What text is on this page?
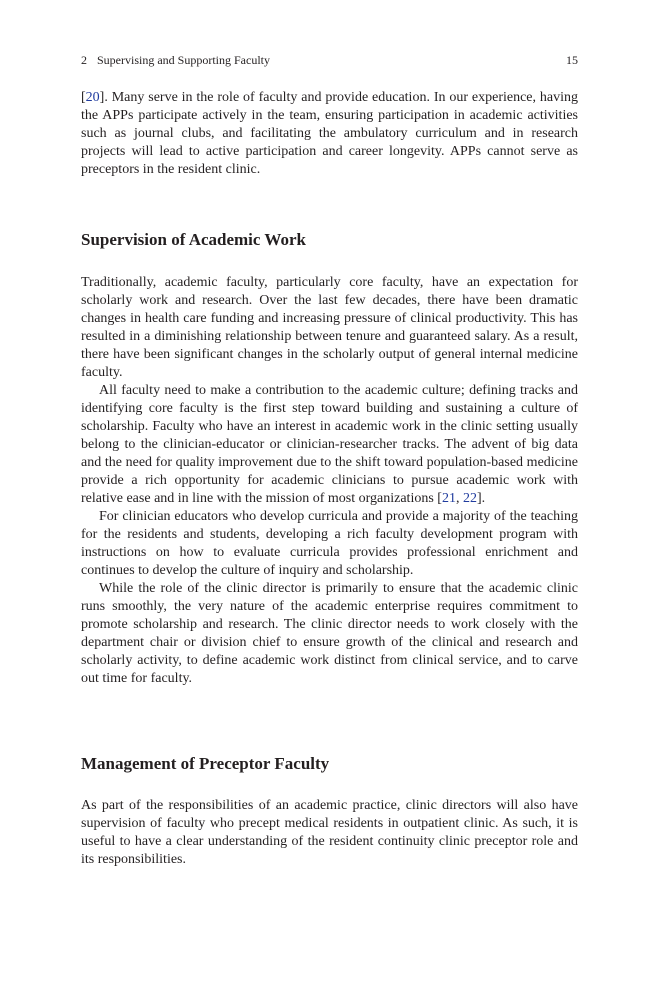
2 Supervising and Supporting Faculty	15

[20]. Many serve in the role of faculty and provide education. In our experience, having the APPs participate actively in the team, ensuring participation in academic activities such as journal clubs, and facilitating the ambulatory curriculum and in research projects will lead to active participation and career longevity. APPs cannot serve as preceptors in the resident clinic.

Supervision of Academic Work

Traditionally, academic faculty, particularly core faculty, have an expectation for scholarly work and research. Over the last few decades, there have been dramatic changes in health care funding and increasing pressure of clinical productivity. This has resulted in a diminishing relationship between tenure and guaranteed salary. As a result, there have been significant changes in the scholarly output of general internal medicine faculty.

All faculty need to make a contribution to the academic culture; defining tracks and identifying core faculty is the first step toward building and sustaining a culture of scholarship. Faculty who have an interest in academic work in the clinic setting usually belong to the clinician-educator or clinician-researcher tracks. The advent of big data and the need for quality improvement due to the shift toward population-based medicine provide a rich opportunity for academic clinicians to pursue academic work with relative ease and in line with the mission of most organizations [21, 22].

For clinician educators who develop curricula and provide a majority of the teaching for the residents and students, developing a rich faculty development program with instructions on how to evaluate curricula provides professional enrichment and continues to develop the culture of inquiry and scholarship.

While the role of the clinic director is primarily to ensure that the academic clinic runs smoothly, the very nature of the academic enterprise requires commitment to promote scholarship and research. The clinic director needs to work closely with the department chair or division chief to ensure growth of the clinical and research and scholarly activity, to define academic work distinct from clinical service, and to carve out time for faculty.

Management of Preceptor Faculty

As part of the responsibilities of an academic practice, clinic directors will also have supervision of faculty who precept medical residents in outpatient clinic. As such, it is useful to have a clear understanding of the resident continuity clinic preceptor role and its responsibilities.
